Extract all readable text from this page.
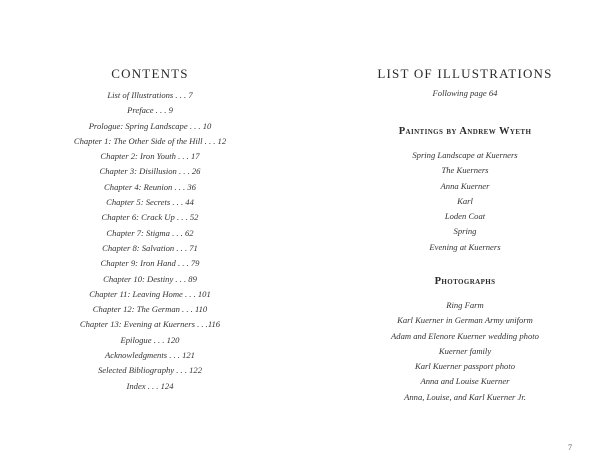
CONTENTS
List of Illustrations . . . 7
Preface . . . 9
Prologue: Spring Landscape . . . 10
Chapter 1: The Other Side of the Hill . . . 12
Chapter 2: Iron Youth . . . 17
Chapter 3: Disillusion . . . 26
Chapter 4: Reunion . . . 36
Chapter 5: Secrets . . . 44
Chapter 6: Crack Up . . . 52
Chapter 7: Stigma . . . 62
Chapter 8: Salvation . . . 71
Chapter 9: Iron Hand . . . 79
Chapter 10: Destiny . . . 89
Chapter 11: Leaving Home . . . 101
Chapter 12: The German . . . 110
Chapter 13: Evening at Kuerners . . .116
Epilogue . . . 120
Acknowledgments . . . 121
Selected Bibliography . . . 122
Index . . . 124
LIST OF ILLUSTRATIONS

Following page 64

Paintings by Andrew Wyeth
Spring Landscape at Kuerners
The Kuerners
Anna Kuerner
Karl
Loden Coat
Spring
Evening at Kuerners
Photographs
Ring Farm
Karl Kuerner in German Army uniform
Adam and Elenore Kuerner wedding photo
Kuerner family
Karl Kuerner passport photo
Anna and Louise Kuerner
Anna, Louise, and Karl Kuerner Jr.
7
